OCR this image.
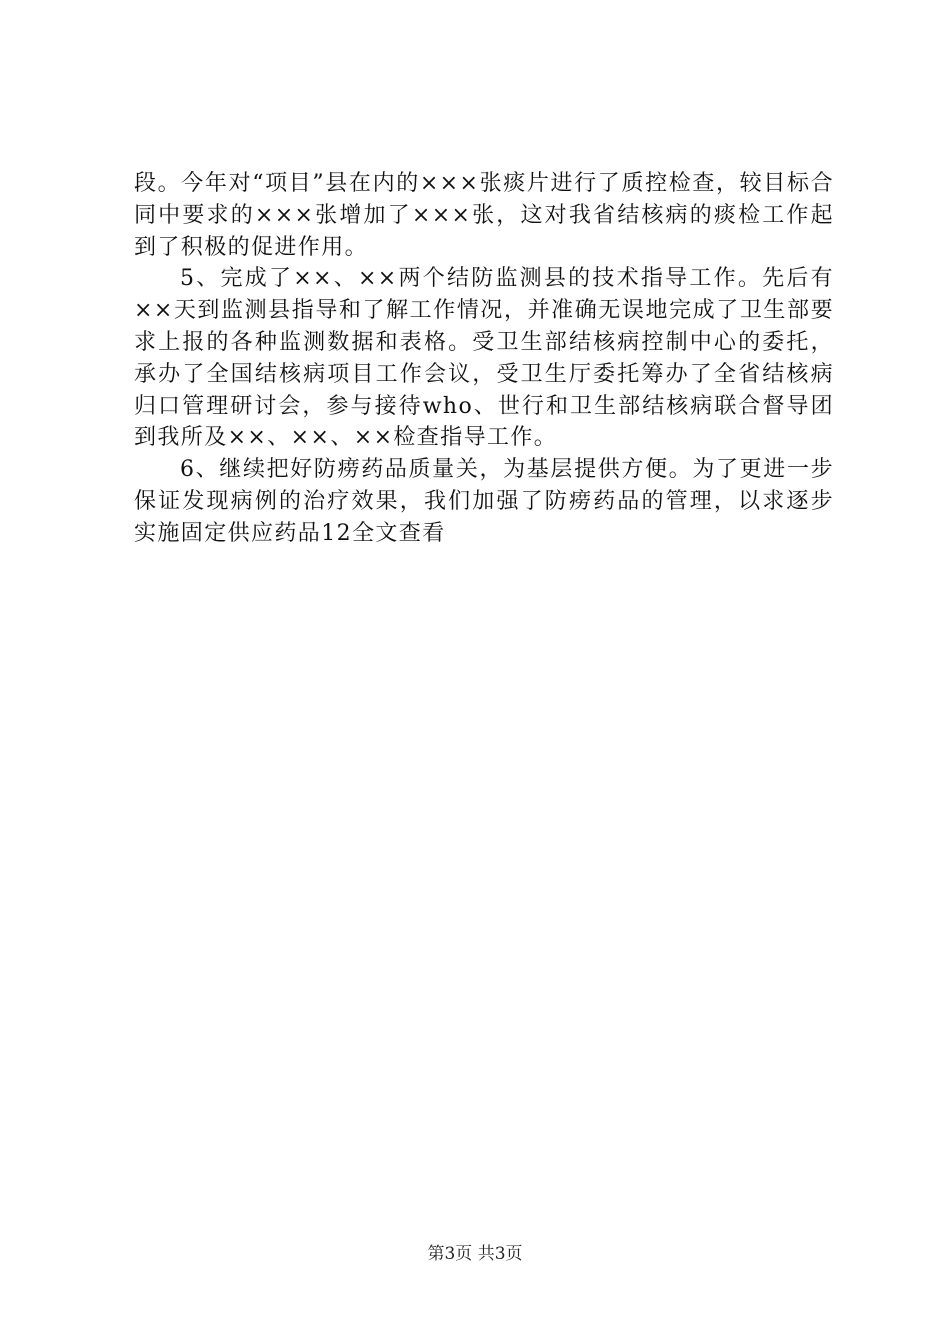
段。今年对“项目”县在内的×××张痰片进行了质控检查，较目标合同中要求的×××张增加了×××张，这对我省结核病的痰检工作起到了积极的促进作用。

5、完成了××、××两个结防监测县的技术指导工作。先后有××天到监测县指导和了解工作情况，并准确无误地完成了卫生部要求上报的各种监测数据和表格。受卫生部结核病控制中心的委托，承办了全国结核病项目工作会议，受卫生厅委托筹办了全省结核病归口管理研讨会，参与接待who、世行和卫生部结核病联合督导团到我所及××、××、××检查指导工作。

6、继续把好防痨药品质量关，为基层提供方便。为了更进一步保证发现病例的治疗效果，我们加强了防痨药品的管理，以求逐步实施固定供应药品12全文查看

第3页 共3页
